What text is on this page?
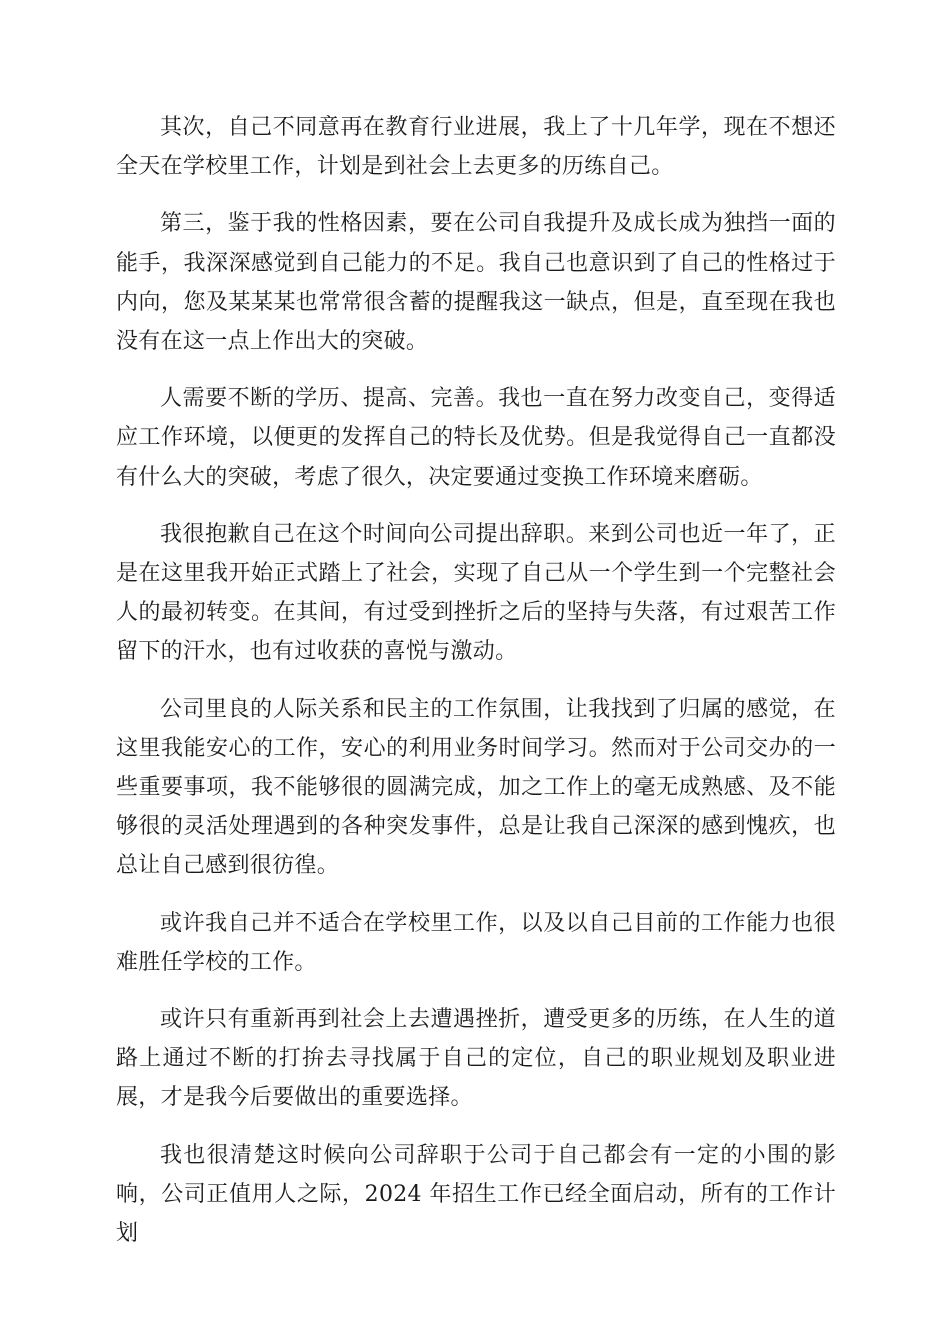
其次，自己不同意再在教育行业进展，我上了十几年学，现在不想还全天在学校里工作，计划是到社会上去更多的历练自己。

第三，鉴于我的性格因素，要在公司自我提升及成长成为独挡一面的能手，我深深感觉到自己能力的不足。我自己也意识到了自己的性格过于内向，您及某某某也常常很含蓄的提醒我这一缺点，但是，直至现在我也没有在这一点上作出大的突破。

人需要不断的学历、提高、完善。我也一直在努力改变自己，变得适应工作环境，以便更的发挥自己的特长及优势。但是我觉得自己一直都没有什么大的突破，考虑了很久，决定要通过变换工作环境来磨砺。

我很抱歉自己在这个时间向公司提出辞职。来到公司也近一年了，正是在这里我开始正式踏上了社会，实现了自己从一个学生到一个完整社会人的最初转变。在其间，有过受到挫折之后的坚持与失落，有过艰苦工作留下的汗水，也有过收获的喜悦与激动。

公司里良的人际关系和民主的工作氛围，让我找到了归属的感觉，在这里我能安心的工作，安心的利用业务时间学习。然而对于公司交办的一些重要事项，我不能够很的圆满完成，加之工作上的毫无成熟感、及不能够很的灵活处理遇到的各种突发事件，总是让我自己深深的感到愧疚，也总让自己感到很彷徨。

或许我自己并不适合在学校里工作，以及以自己目前的工作能力也很难胜任学校的工作。

或许只有重新再到社会上去遭遇挫折，遭受更多的历练，在人生的道路上通过不断的打拚去寻找属于自己的定位，自己的职业规划及职业进展，才是我今后要做出的重要选择。

我也很清楚这时候向公司辞职于公司于自己都会有一定的小围的影响，公司正值用人之际，2024 年招生工作已经全面启动，所有的工作计划
